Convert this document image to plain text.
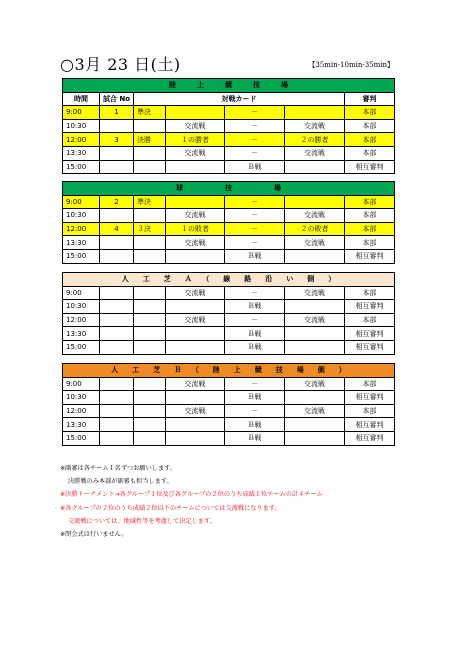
○3月 23 日(土)	【35min-10min-35min】
陸　　　上　　　競　　　技　　　場						
時間	試合 No	対戦カード				審判
9:00	1	準決		－		本部
10:30			交流戦	－	交流戦	本部
12:00	3	決勝	１の勝者	－	２の勝者	本部
13:30			交流戦	－	交流戦	本部
15:00				Ｂ戦		相互審判
球　　　　　　技　　　　　　場						
9:00	2	準決		－		本部
10:30			交流戦	－	交流戦	本部
12:00	4	３決	１の敗者	－	２の敗者	本部
13:30			交流戦	－	交流戦	本部
15:00				Ｂ戦		相互審判
人　　工　　芝　　Ａ　　（　　線　　路　　沿　　い　　側　　）						
9:00			交流戦	－	交流戦	本部
10:30				Ｂ戦		相互審判
12:00			交流戦	－	交流戦	本部
13:30				Ｂ戦		相互審判
15:00				Ｂ戦		相互審判
人　　工　　芝　　Ｂ　　（　　陸　　上　　競　　技　　場　　側　　）						
9:00			交流戦	－	交流戦	本部
10:30				Ｂ戦		相互審判
12:00			交流戦	－	交流戦	本部
13:30				Ｂ戦		相互審判
15:00				Ｂ戦		相互審判
※副審は各チーム１名ずつお願いします。
決勝戦のみ本部が副審も担当します。
※決勝トーナメント→各グループ１位及び各グループの２位のうち成績１位チームの計４チーム
※各グループの２位のうち成績２位以下のチームについては交流戦になります。
交流戦については、地域性等を考慮して決定します。
※閉会式は行いません。
